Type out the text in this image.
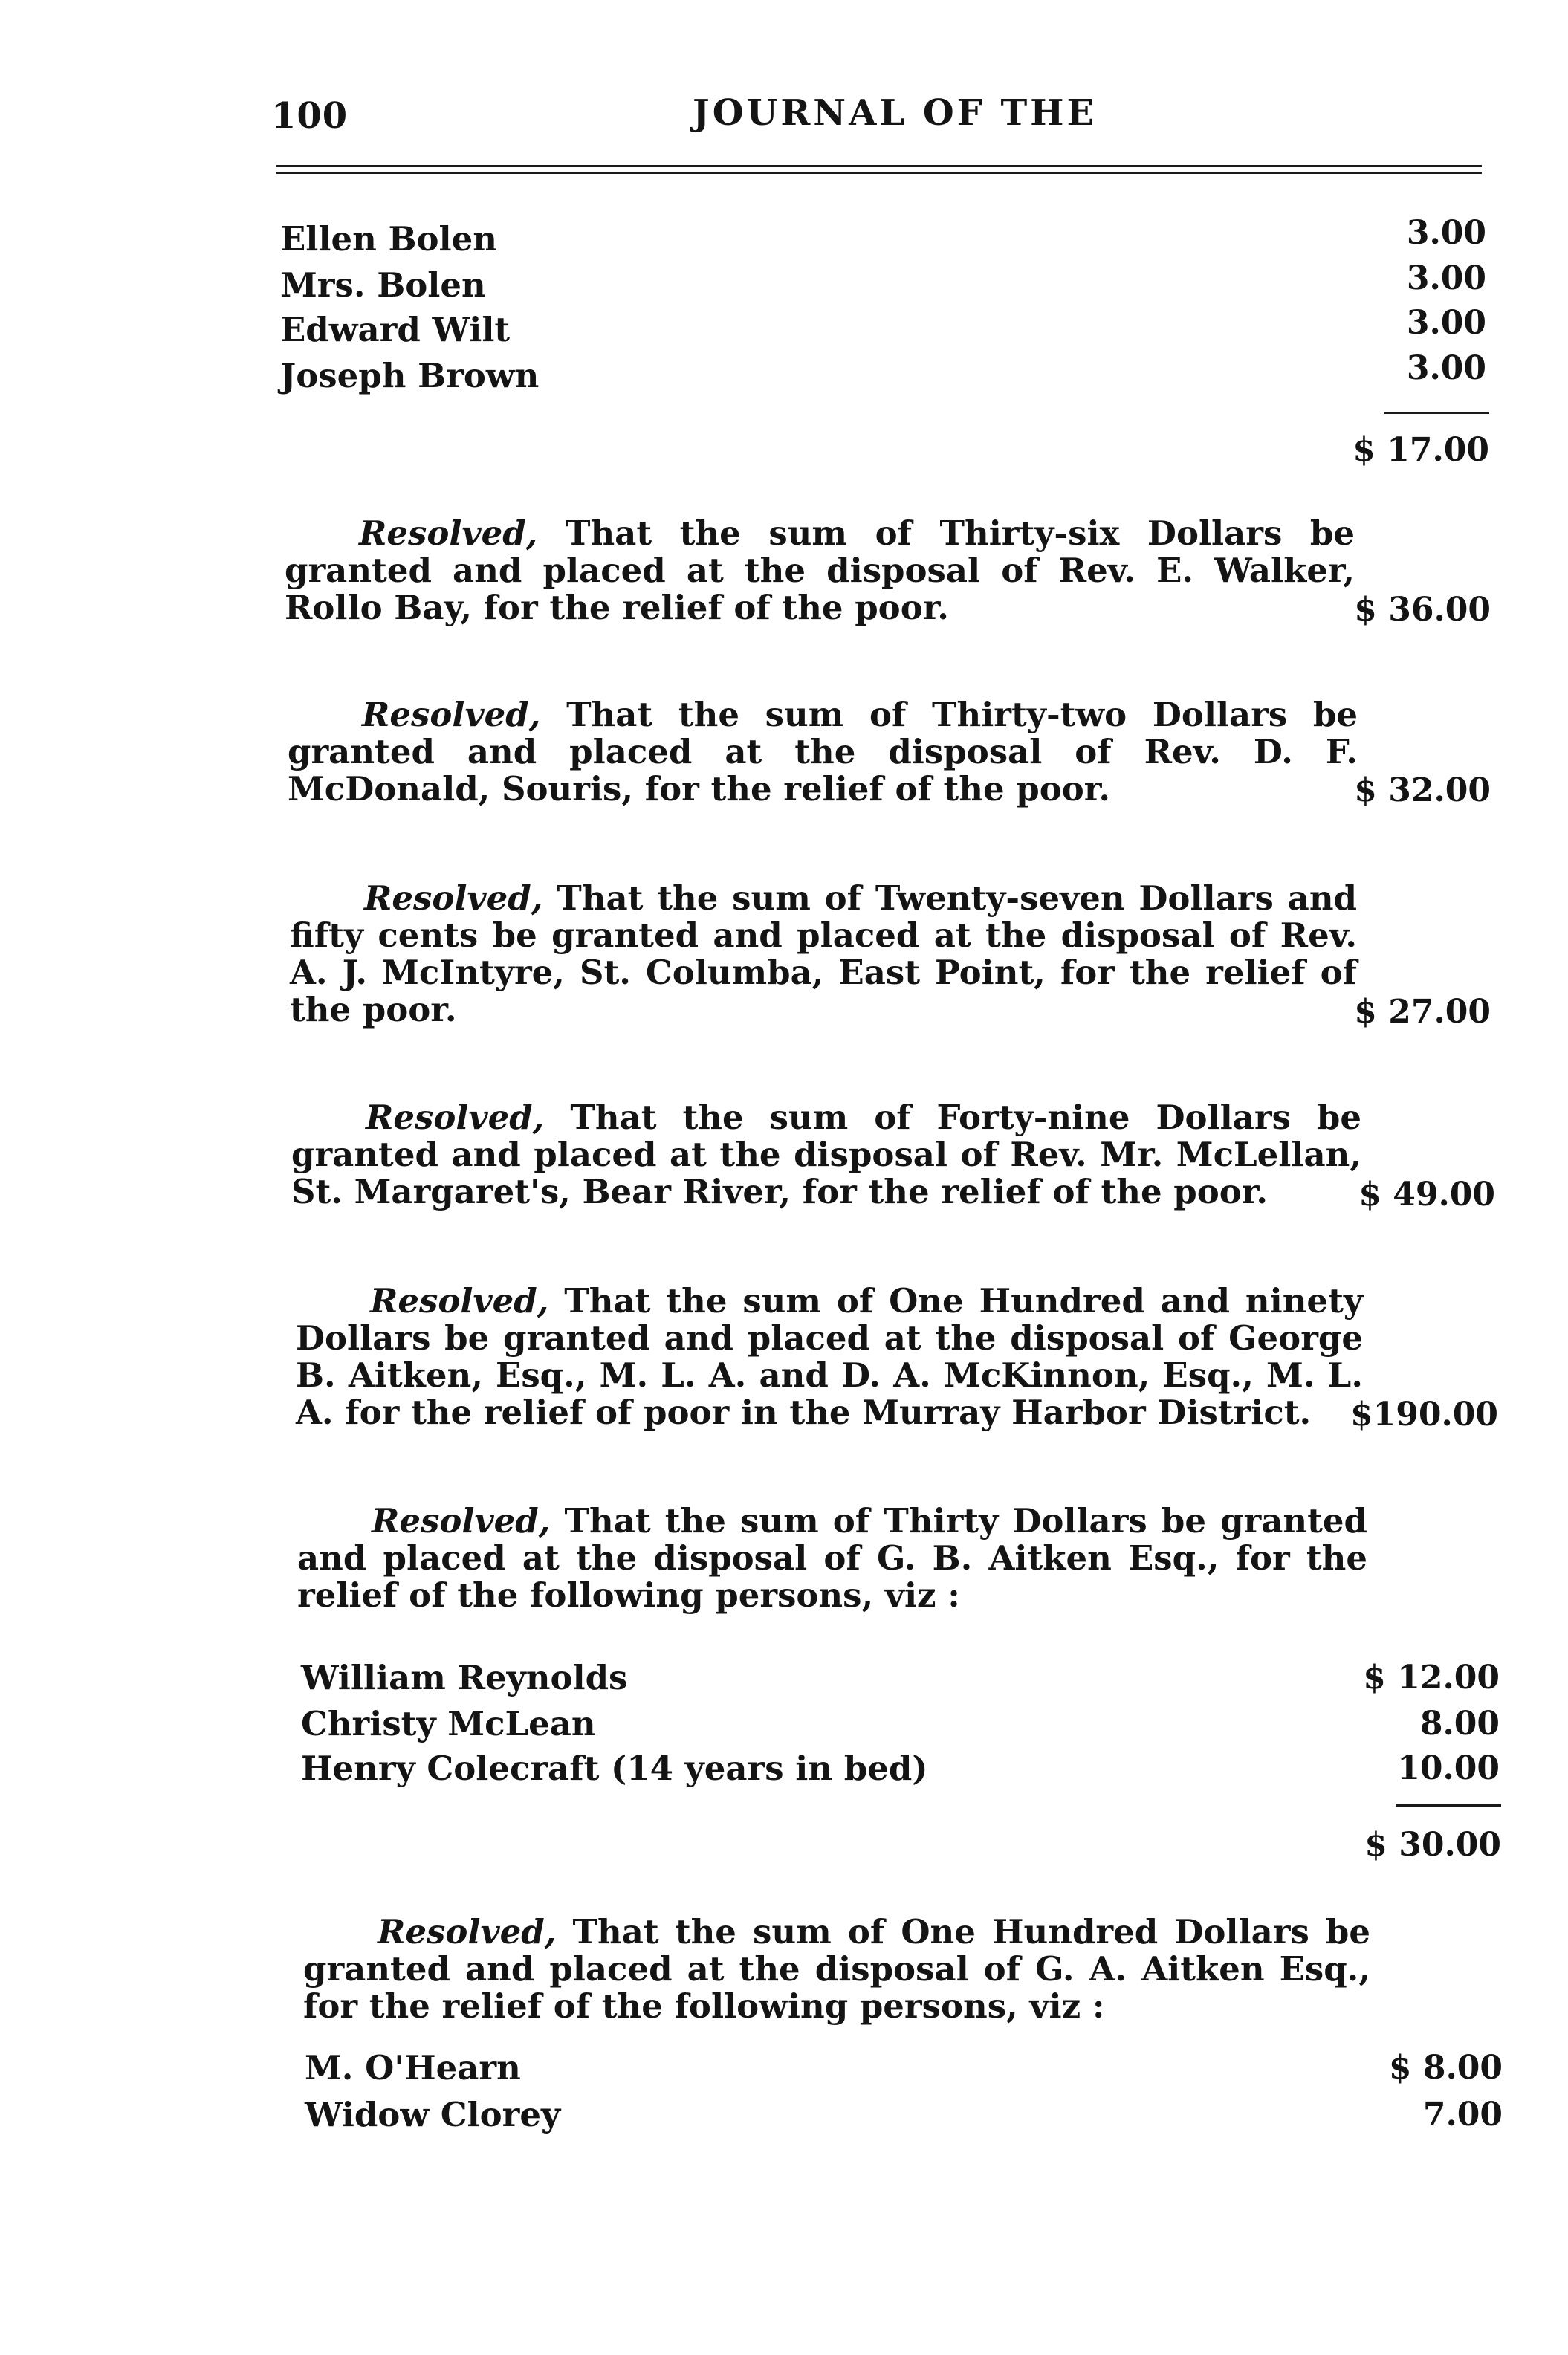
100	JOURNAL OF THE
Ellen Bolen	3.00
Mrs. Bolen	3.00
Edward Wilt	3.00
Joseph Brown	3.00
$ 17.00
Resolved, That the sum of Thirty-six Dollars be granted and placed at the disposal of Rev. E. Walker, Rollo Bay, for the relief of the poor.	$ 36.00
Resolved, That the sum of Thirty-two Dollars be granted and placed at the disposal of Rev. D. F. McDonald, Souris, for the relief of the poor.	$ 32.00
Resolved, That the sum of Twenty-seven Dollars and fifty cents be granted and placed at the disposal of Rev. A. J. McIntyre, St. Columba, East Point, for the relief of the poor.	$ 27.00
Resolved, That the sum of Forty-nine Dollars be granted and placed at the disposal of Rev. Mr. McLellan, St. Margaret's, Bear River, for the relief of the poor.	$ 49.00
Resolved, That the sum of One Hundred and ninety Dollars be granted and placed at the disposal of George B. Aitken, Esq., M. L. A. and D. A. McKinnon, Esq., M. L. A. for the relief of poor in the Murray Harbor District.	$190.00
Resolved, That the sum of Thirty Dollars be granted and placed at the disposal of G. B. Aitken Esq., for the relief of the following persons, viz :
William Reynolds	$ 12.00
Christy McLean	8.00
Henry Colecraft (14 years in bed)	10.00
$ 30.00
Resolved, That the sum of One Hundred Dollars be granted and placed at the disposal of G. A. Aitken Esq., for the relief of the following persons, viz :
M. O'Hearn	$ 8.00
Widow Clorey	7.00
